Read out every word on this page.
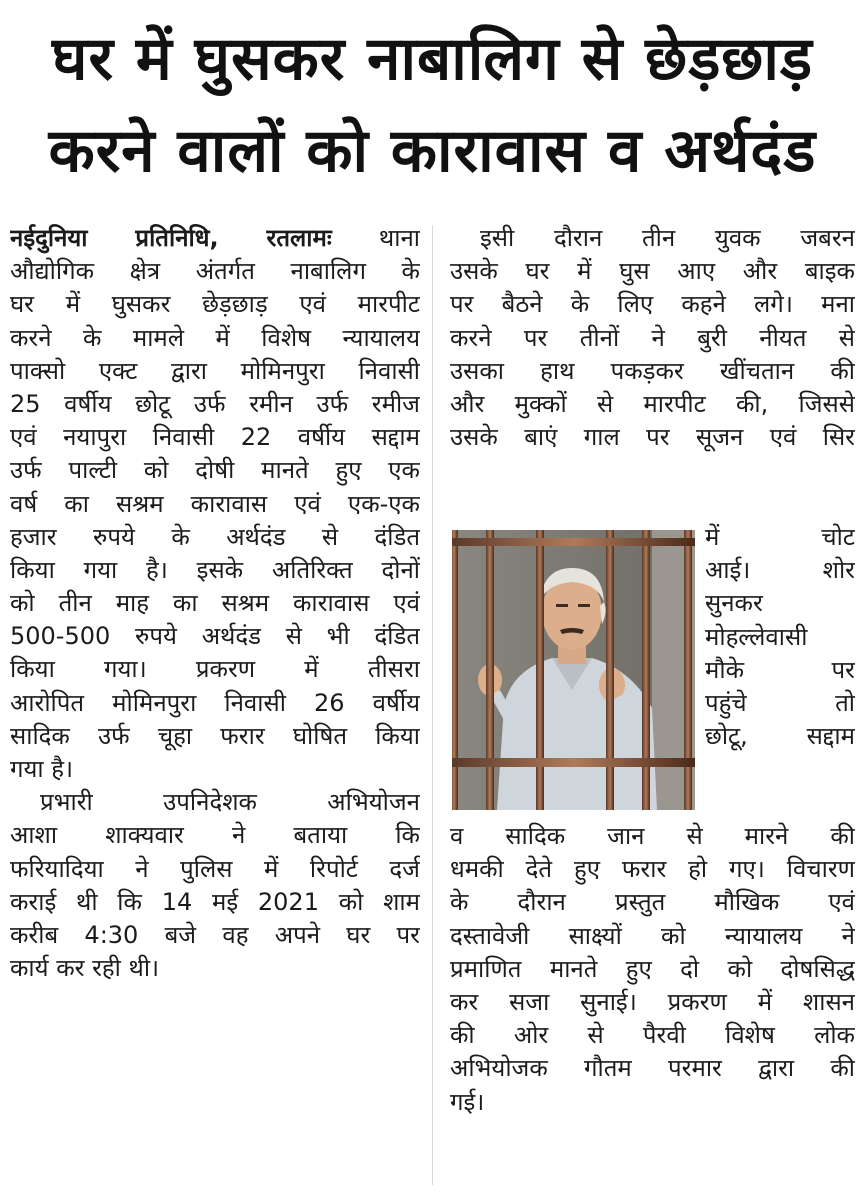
घर में घुसकर नाबालिग से छेड़छाड़
करने वालों को कारावास व अर्थदंड
नईदुनिया प्रतिनिधि, रतलामः थाना
औद्योगिक क्षेत्र अंतर्गत नाबालिग के
घर में घुसकर छेड़छाड़ एवं मारपीट
करने के मामले में विशेष न्यायालय
पाक्सो एक्ट द्वारा मोमिनपुरा निवासी
25 वर्षीय छोटू उर्फ रमीन उर्फ रमीज
एवं नयापुरा निवासी 22 वर्षीय सद्दाम
उर्फ पाल्टी को दोषी मानते हुए एक
वर्ष का सश्रम कारावास एवं एक-एक
हजार रुपये के अर्थदंड से दंडित
किया गया है। इसके अतिरिक्त दोनों
को तीन माह का सश्रम कारावास एवं
500-500 रुपये अर्थदंड से भी दंडित
किया गया। प्रकरण में तीसरा
आरोपित मोमिनपुरा निवासी 26 वर्षीय
सादिक उर्फ चूहा फरार घोषित किया
गया है।
प्रभारी उपनिदेशक अभियोजन
आशा शाक्यवार ने बताया कि
फरियादिया ने पुलिस में रिपोर्ट दर्ज
कराई थी कि 14 मई 2021 को शाम
करीब 4:30 बजे वह अपने घर पर
कार्य कर रही थी।
इसी दौरान तीन युवक जबरन
उसके घर में घुस आए और बाइक
पर बैठने के लिए कहने लगे। मना
करने पर तीनों ने बुरी नीयत से
उसका हाथ पकड़कर खींचतान की
और मुक्कों से मारपीट की, जिससे
उसके बाएं गाल पर सूजन एवं सिर
में चोट
आई। शोर
सुनकर
मोहल्लेवासी
मौके पर
पहुंचे तो
छोटू, सद्दाम
व सादिक जान से मारने की
धमकी देते हुए फरार हो गए। विचारण
के दौरान प्रस्तुत मौखिक एवं
दस्तावेजी साक्ष्यों को न्यायालय ने
प्रमाणित मानते हुए दो को दोषसिद्ध
कर सजा सुनाई। प्रकरण में शासन
की ओर से पैरवी विशेष लोक
अभियोजक गौतम परमार द्वारा की
गई।
